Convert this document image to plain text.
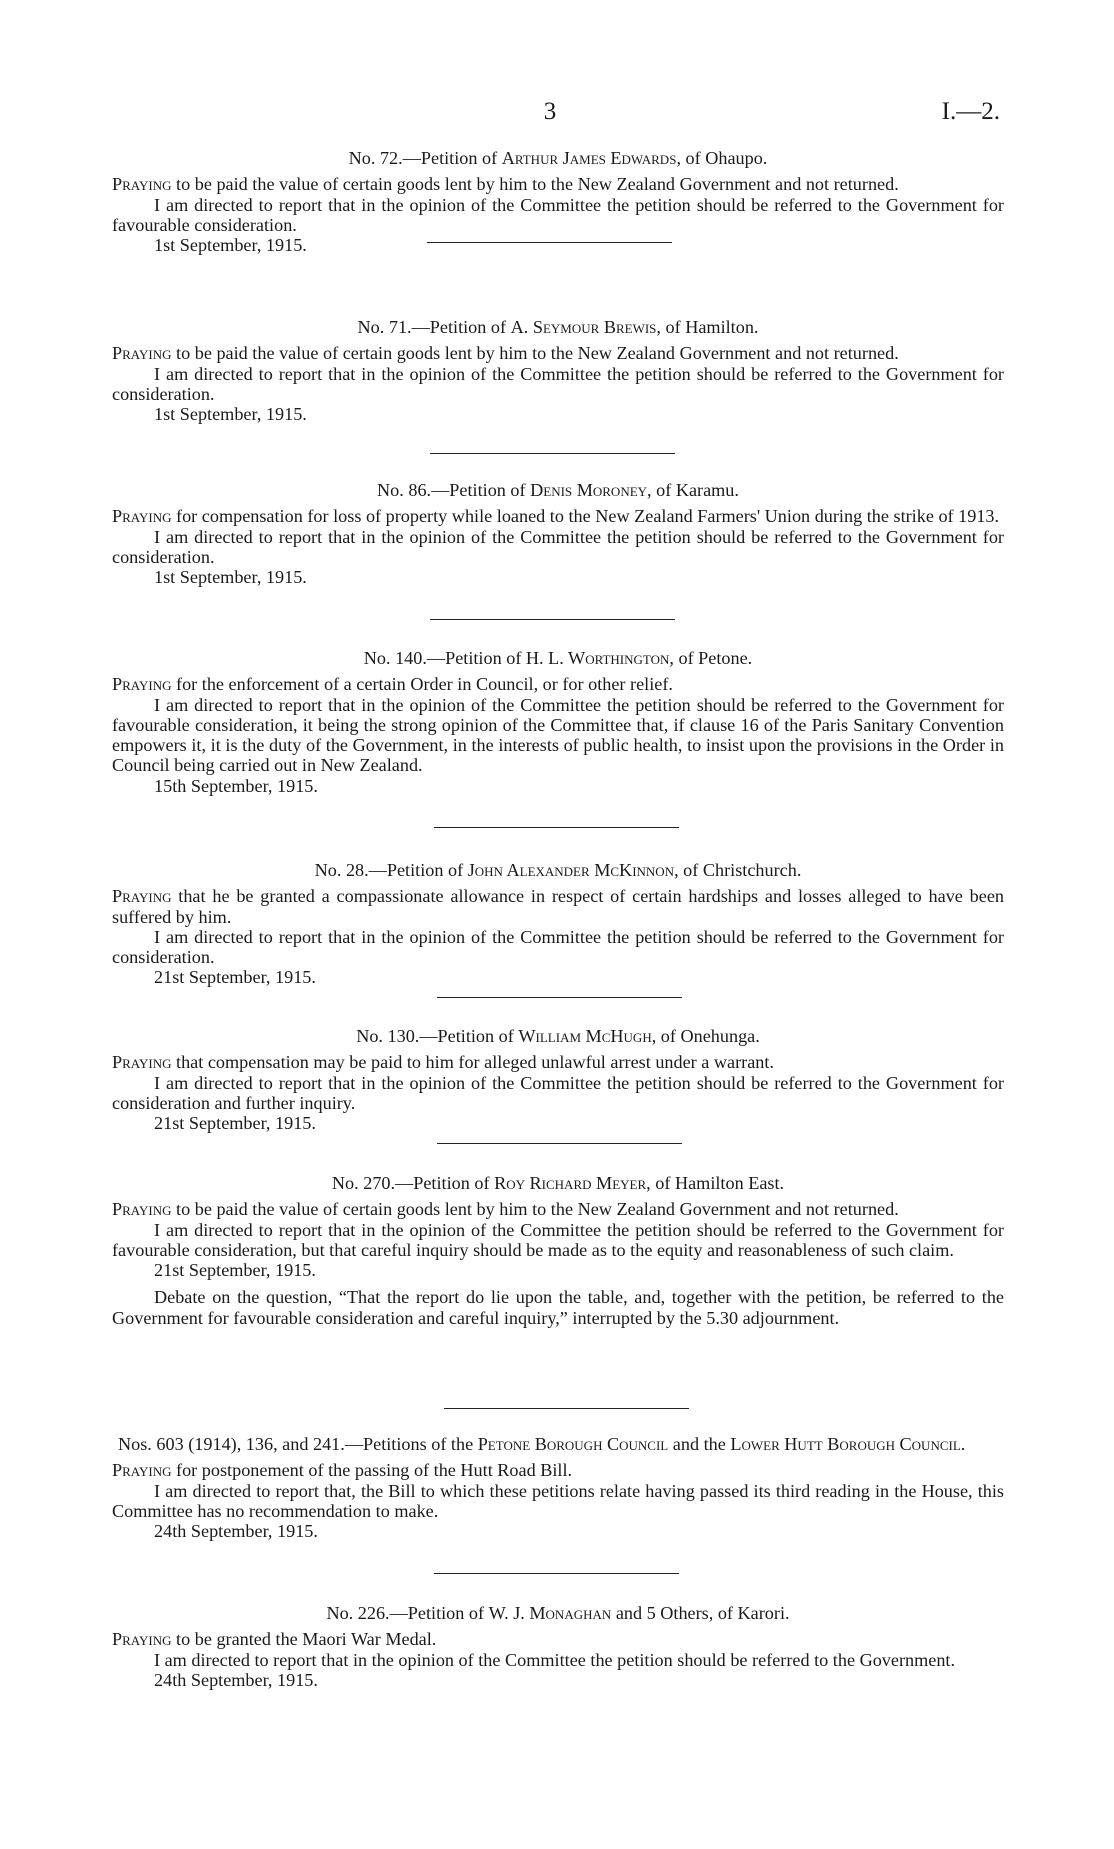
3	I.—2.

No. 72.—Petition of Arthur James Edwards, of Ohaupo.

Praying to be paid the value of certain goods lent by him to the New Zealand Government and not returned.

I am directed to report that in the opinion of the Committee the petition should be referred to the Government for favourable consideration.

1st September, 1915.

No. 71.—Petition of A. Seymour Brewis, of Hamilton.

Praying to be paid the value of certain goods lent by him to the New Zealand Government and not returned.

I am directed to report that in the opinion of the Committee the petition should be referred to the Government for consideration.

1st September, 1915.

No. 86.—Petition of Denis Moroney, of Karamu.

Praying for compensation for loss of property while loaned to the New Zealand Farmers' Union during the strike of 1913.

I am directed to report that in the opinion of the Committee the petition should be referred to the Government for consideration.

1st September, 1915.

No. 140.—Petition of H. L. Worthington, of Petone.

Praying for the enforcement of a certain Order in Council, or for other relief.

I am directed to report that in the opinion of the Committee the petition should be referred to the Government for favourable consideration, it being the strong opinion of the Committee that, if clause 16 of the Paris Sanitary Convention empowers it, it is the duty of the Government, in the interests of public health, to insist upon the provisions in the Order in Council being carried out in New Zealand.

15th September, 1915.

No. 28.—Petition of John Alexander McKinnon, of Christchurch.

Praying that he be granted a compassionate allowance in respect of certain hardships and losses alleged to have been suffered by him.

I am directed to report that in the opinion of the Committee the petition should be referred to the Government for consideration.

21st September, 1915.

No. 130.—Petition of William McHugh, of Onehunga.

Praying that compensation may be paid to him for alleged unlawful arrest under a warrant.

I am directed to report that in the opinion of the Committee the petition should be referred to the Government for consideration and further inquiry.

21st September, 1915.

No. 270.—Petition of Roy Richard Meyer, of Hamilton East.

Praying to be paid the value of certain goods lent by him to the New Zealand Government and not returned.

I am directed to report that in the opinion of the Committee the petition should be referred to the Government for favourable consideration, but that careful inquiry should be made as to the equity and reasonableness of such claim.

21st September, 1915.

Debate on the question, “That the report do lie upon the table, and, together with the petition, be referred to the Government for favourable consideration and careful inquiry,” interrupted by the 5.30 adjournment.

Nos. 603 (1914), 136, and 241.—Petitions of the Petone Borough Council and the Lower Hutt Borough Council.

Praying for postponement of the passing of the Hutt Road Bill.

I am directed to report that, the Bill to which these petitions relate having passed its third reading in the House, this Committee has no recommendation to make.

24th September, 1915.

No. 226.—Petition of W. J. Monaghan and 5 Others, of Karori.

Praying to be granted the Maori War Medal.

I am directed to report that in the opinion of the Committee the petition should be referred to the Government.

24th September, 1915.
